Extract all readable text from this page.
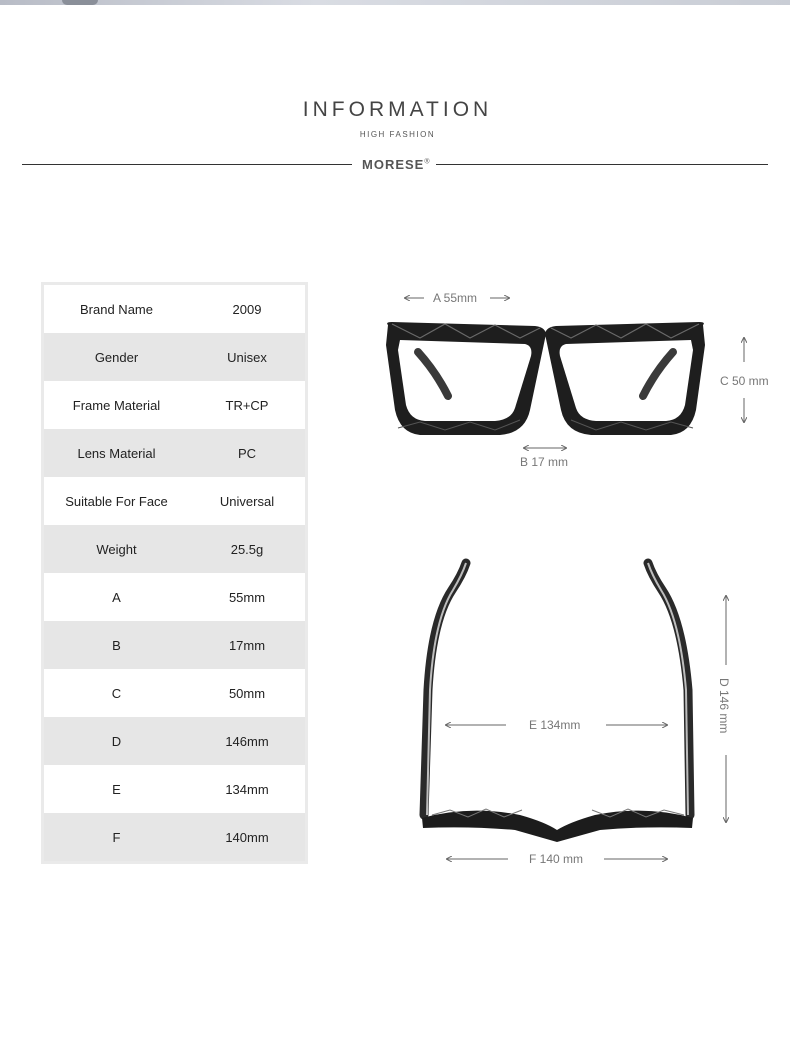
INFORMATION
HIGH FASHION
MORESE®
Brand Name	2009
Gender	Unisex
Frame Material	TR+CP
Lens Material	PC
Suitable For Face	Universal
Weight	25.5g
A	55mm
B	17mm
C	50mm
D	146mm
E	134mm
F	140mm
A 55mm
C 50 mm
B 17 mm
D 146 mm
E 134mm
F 140 mm
